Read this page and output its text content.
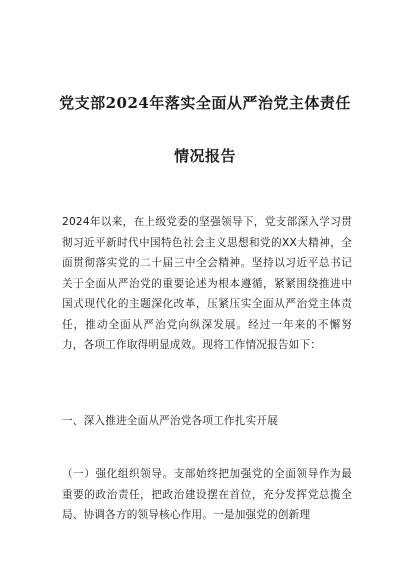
党支部2024年落实全面从严治党主体责任
情况报告
2024年以来，在上级党委的坚强领导下，党支部深入学习贯彻习近平新时代中国特色社会主义思想和党的XX大精神，全面贯彻落实党的二十届三中全会精神。坚持以习近平总书记关于全面从严治党的重要论述为根本遵循，紧紧围绕推进中国式现代化的主题深化改革，压紧压实全面从严治党主体责任，推动全面从严治党向纵深发展。经过一年来的不懈努力，各项工作取得明显成效。现将工作情况报告如下：
一、深入推进全面从严治党各项工作扎实开展
（一）强化组织领导。支部始终把加强党的全面领导作为最重要的政治责任，把政治建设摆在首位，充分发挥党总揽全局、协调各方的领导核心作用。一是加强党的创新理
